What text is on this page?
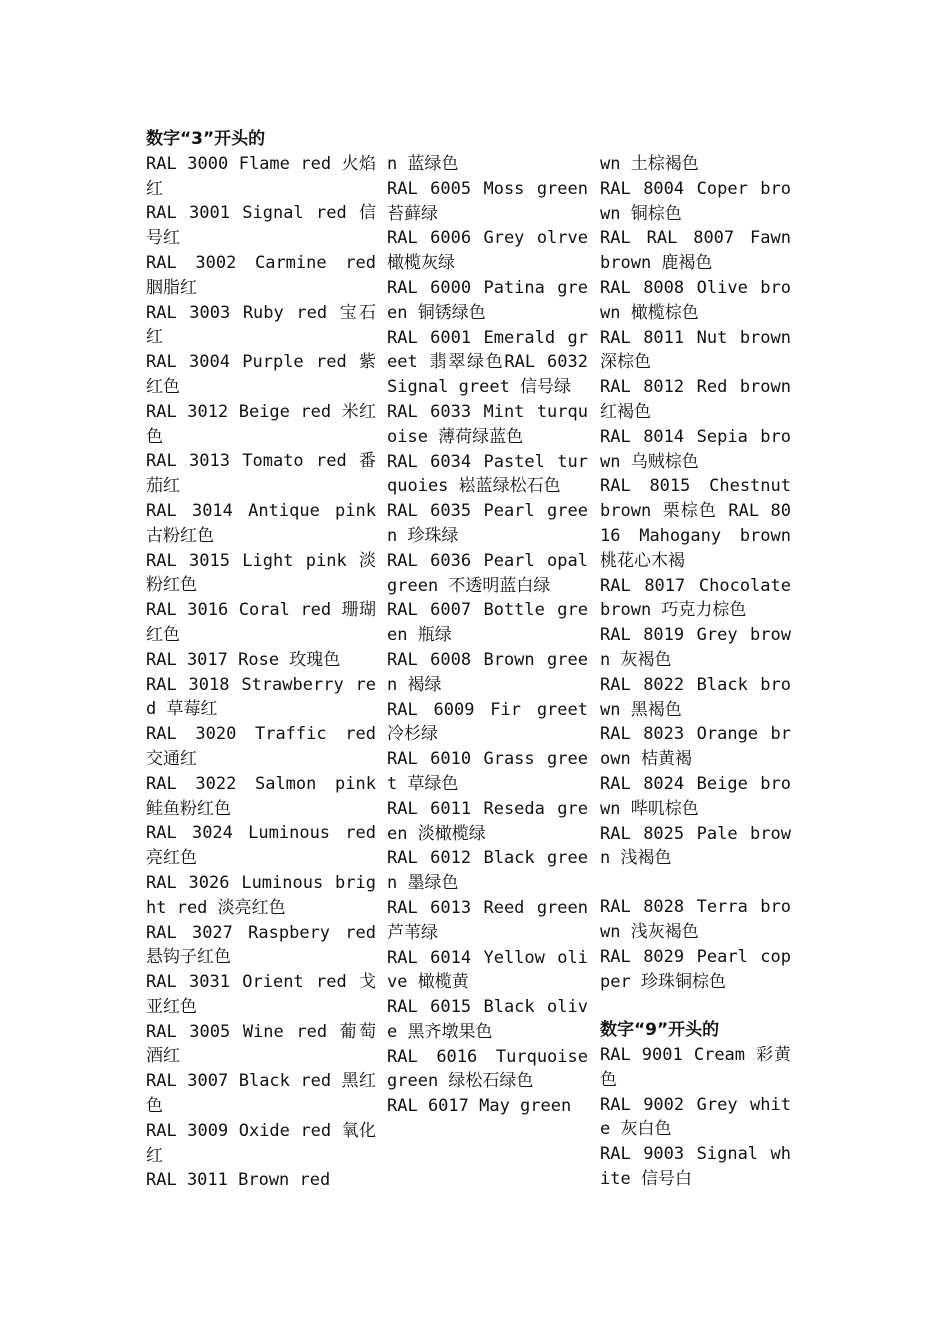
数字“3”开头的

RAL 3000 Flame red 火焰红

RAL 3001 Signal red 信号红

RAL 3002 Carmine red 胭脂红

RAL 3003 Ruby red 宝石红

RAL 3004 Purple red 紫红色

RAL 3012 Beige red 米红色

RAL 3013 Tomato red 番茄红

RAL 3014 Antique pink 古粉红色

RAL 3015 Light pink 淡粉红色

RAL 3016 Coral red 珊瑚红色

RAL 3017 Rose 玫瑰色

RAL 3018 Strawberry red 草莓红

RAL 3020 Traffic red 交通红

RAL 3022 Salmon pink 鲑鱼粉红色

RAL 3024 Luminous red 亮红色

RAL 3026 Luminous bright red 淡亮红色

RAL 3027 Raspbery red 悬钩子红色

RAL 3031 Orient red 戈亚红色

RAL 3005 Wine red 葡萄酒红

RAL 3007 Black red 黑红色

RAL 3009 Oxide red 氧化红

RAL 3011 Brown red

n 蓝绿色

RAL 6005 Moss green 苔藓绿

RAL 6006 Grey olrve 橄榄灰绿

RAL 6000 Patina green 铜锈绿色

RAL 6001 Emerald greet 翡翠绿色RAL 6032 Signal greet 信号绿

RAL 6033 Mint turquoise 薄荷绿蓝色

RAL 6034 Pastel turquoies 崧蓝绿松石色

RAL 6035 Pearl green 珍珠绿

RAL 6036 Pearl opal green 不透明蓝白绿

RAL 6007 Bottle green 瓶绿

RAL 6008 Brown green 褐绿

RAL 6009 Fir greet 冷杉绿

RAL 6010 Grass greet 草绿色

RAL 6011 Reseda green 淡橄榄绿

RAL 6012 Black green 墨绿色

RAL 6013 Reed green 芦苇绿

RAL 6014 Yellow olive 橄榄黄

RAL 6015 Black olive 黑齐墩果色

RAL 6016 Turquoise green 绿松石绿色

RAL 6017 May green

wn 土棕褐色

RAL 8004 Coper brown 铜棕色

RAL RAL 8007 Fawn brown 鹿褐色

RAL 8008 Olive brown 橄榄棕色

RAL 8011 Nut brown 深棕色

RAL 8012 Red brown 红褐色

RAL 8014 Sepia brown 乌贼棕色

RAL 8015 Chestnut brown 栗棕色 RAL 8016 Mahogany brown 桃花心木褐

RAL 8017 Chocolate brown 巧克力棕色

RAL 8019 Grey brown 灰褐色

RAL 8022 Black brown 黑褐色

RAL 8023 Orange brown 桔黄褐

RAL 8024 Beige brown 哔叽棕色

RAL 8025 Pale brown 浅褐色

RAL 8028 Terra brown 浅灰褐色

RAL 8029 Pearl copper 珍珠铜棕色

数字“9”开头的

RAL 9001 Cream 彩黄色

RAL 9002 Grey white 灰白色

RAL 9003 Signal white 信号白
